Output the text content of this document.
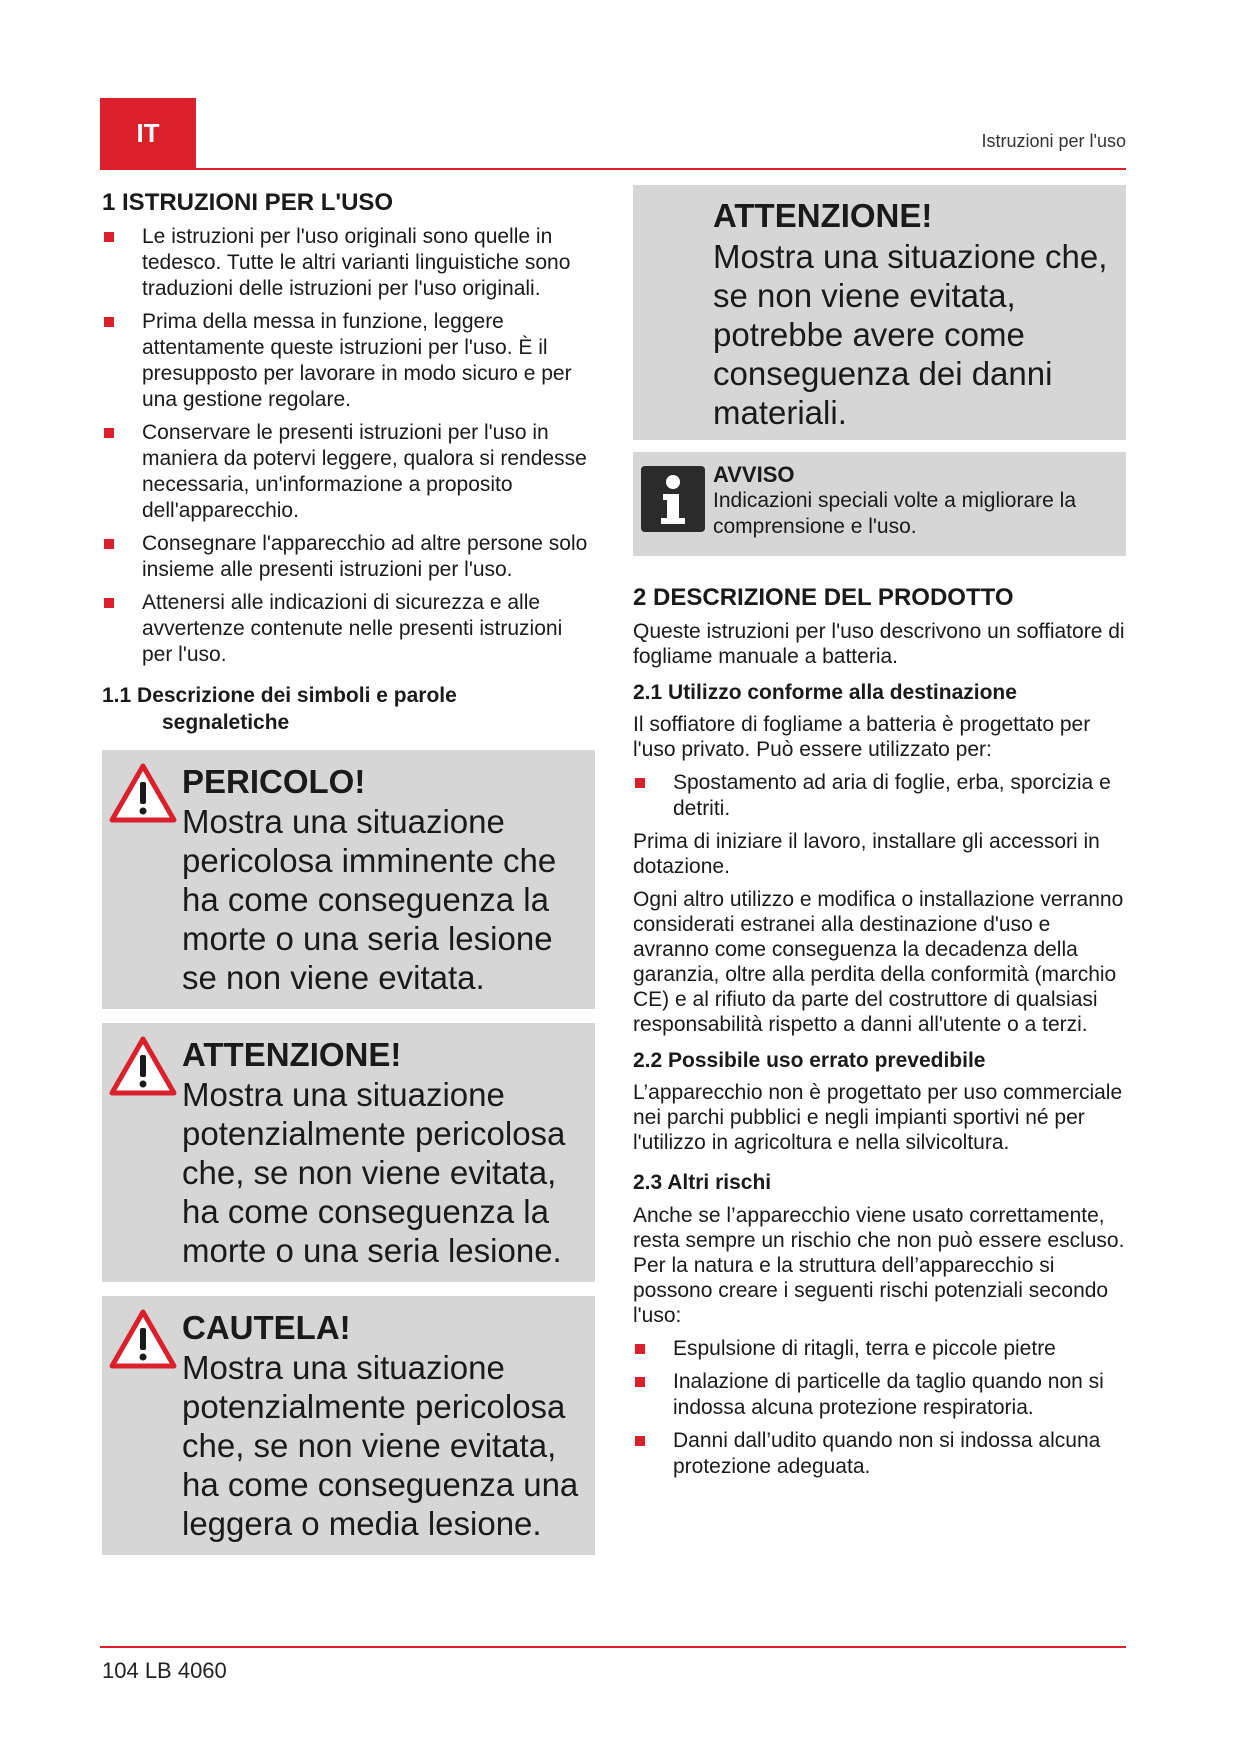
IT	Istruzioni per l'uso
1 ISTRUZIONI PER L'USO
Le istruzioni per l'uso originali sono quelle in tedesco. Tutte le altri varianti linguistiche sono traduzioni delle istruzioni per l'uso originali.
Prima della messa in funzione, leggere attentamente queste istruzioni per l'uso. È il presupposto per lavorare in modo sicuro e per una gestione regolare.
Conservare le presenti istruzioni per l'uso in maniera da potervi leggere, qualora si rendesse necessaria, un'informazione a proposito dell'apparecchio.
Consegnare l'apparecchio ad altre persone solo insieme alle presenti istruzioni per l'uso.
Attenersi alle indicazioni di sicurezza e alle avvertenze contenute nelle presenti istruzioni per l'uso.
1.1 Descrizione dei simboli e parole
segnaletiche
PERICOLO!
Mostra una situazione pericolosa imminente che ha come conseguenza la morte o una seria lesione se non viene evitata.
ATTENZIONE!
Mostra una situazione potenzialmente pericolosa che, se non viene evitata, ha come conseguenza la morte o una seria lesione.
CAUTELA!
Mostra una situazione potenzialmente pericolosa che, se non viene evitata, ha come conseguenza una leggera o media lesione.
ATTENZIONE!
Mostra una situazione che, se non viene evitata, potrebbe avere come conseguenza dei danni materiali.
AVVISO
Indicazioni speciali volte a migliorare la comprensione e l'uso.
2 DESCRIZIONE DEL PRODOTTO

Queste istruzioni per l'uso descrivono un soffiatore di fogliame manuale a batteria.

2.1 Utilizzo conforme alla destinazione

Il soffiatore di fogliame a batteria è progettato per l'uso privato. Può essere utilizzato per:

Spostamento ad aria di foglie, erba, sporcizia e detriti.

Prima di iniziare il lavoro, installare gli accessori in dotazione.

Ogni altro utilizzo e modifica o installazione verranno considerati estranei alla destinazione d'uso e avranno come conseguenza la decadenza della garanzia, oltre alla perdita della conformità (marchio CE) e al rifiuto da parte del costruttore di qualsiasi responsabilità rispetto a danni all'utente o a terzi.

2.2 Possibile uso errato prevedibile

L’apparecchio non è progettato per uso commerciale nei parchi pubblici e negli impianti sportivi né per l'utilizzo in agricoltura e nella silvicoltura.

2.3 Altri rischi

Anche se l’apparecchio viene usato correttamente, resta sempre un rischio che non può essere escluso. Per la natura e la struttura dell’apparecchio si possono creare i seguenti rischi potenziali secondo l'uso:

Espulsione di ritagli, terra e piccole pietre
Inalazione di particelle da taglio quando non si indossa alcuna protezione respiratoria.
Danni dall’udito quando non si indossa alcuna protezione adeguata.
104 LB 4060
